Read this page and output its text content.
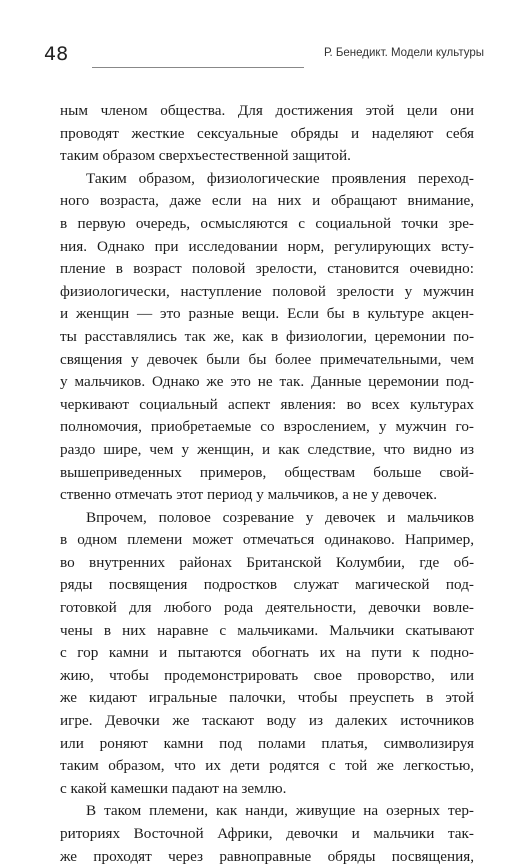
48	Р. Бенедикт. Модели культуры
ным членом общества. Для достижения этой цели они
проводят жесткие сексуальные обряды и наделяют себя
таким образом сверхъестественной защитой.
Таким образом, физиологические проявления переход-
ного возраста, даже если на них и обращают внимание,
в первую очередь, осмысляются с социальной точки зре-
ния. Однако при исследовании норм, регулирующих всту-
пление в возраст половой зрелости, становится очевидно:
физиологически, наступление половой зрелости у мужчин
и женщин — это разные вещи. Если бы в культуре акцен-
ты расставлялись так же, как в физиологии, церемонии по-
священия у девочек были бы более примечательными, чем
у мальчиков. Однако же это не так. Данные церемонии под-
черкивают социальный аспект явления: во всех культурах
полномочия, приобретаемые со взрослением, у мужчин го-
раздо шире, чем у женщин, и как следствие, что видно из
вышеприведенных примеров, обществам больше свой-
ственно отмечать этот период у мальчиков, а не у девочек.
Впрочем, половое созревание у девочек и мальчиков
в одном племени может отмечаться одинаково. Например,
во внутренних районах Британской Колумбии, где об-
ряды посвящения подростков служат магической под-
готовкой для любого рода деятельности, девочки вовле-
чены в них наравне с мальчиками. Мальчики скатывают
с гор камни и пытаются обогнать их на пути к подно-
жию, чтобы продемонстрировать свое проворство, или
же кидают игральные палочки, чтобы преуспеть в этой
игре. Девочки же таскают воду из далеких источников
или роняют камни под полами платья, символизируя
таким образом, что их дети родятся с той же легкостью,
с какой камешки падают на землю.
В таком племени, как нанди, живущие на озерных тер-
риториях Восточной Африки, девочки и мальчики так-
же проходят через равноправные обряды посвящения,
